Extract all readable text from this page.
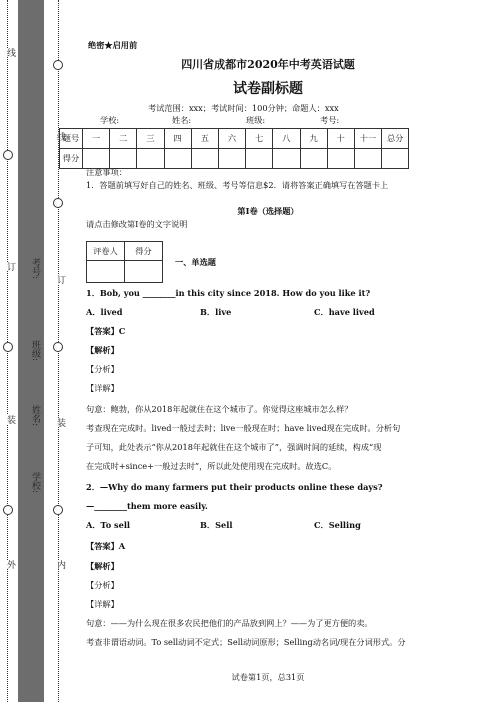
线
订
装
外
考号:
班级:
姓名:
学校:
线
订
装
内
绝密★启用前
四川省成都市2020年中考英语试题
试卷副标题
考试范围：xxx；考试时间：100分钟；命题人：xxx
学校:	姓名:	班级:	考号:
题号	一	二	三	四	五	六	七	八	九	十	十一	总分
得分												
注意事项：
1．答题前填写好自己的姓名、班级、考号等信息$2．请将答案正确填写在答题卡上
第I卷（选择题）
请点击修改第I卷的文字说明
评卷人	得分

一、单选题
1．Bob, you ________in this city since 2018. How do you like it?
A．lived	B．live	C．have lived
【答案】C
【解析】
【分析】
【详解】
句意：鲍勃，你从2018年起就住在这个城市了。你觉得这座城市怎么样？
考查现在完成时。lived一般过去时；live一般现在时；have lived现在完成时。分析句
子可知，此处表示“你从2018年起就住在这个城市了”，强调时间的延续，构成“现
在完成时+since+一般过去时”，所以此处使用现在完成时。故选C。
2．—Why do many farmers put their products online these days?
—________them more easily.
A．To sell	B．Sell	C．Selling
【答案】A
【解析】
【分析】
【详解】
句意：——为什么现在很多农民把他们的产品放到网上？——为了更方便的卖。
考查非谓语动词。To sell动词不定式；Sell动词原形；Selling动名词/现在分词形式。分
试卷第1页，总31页
